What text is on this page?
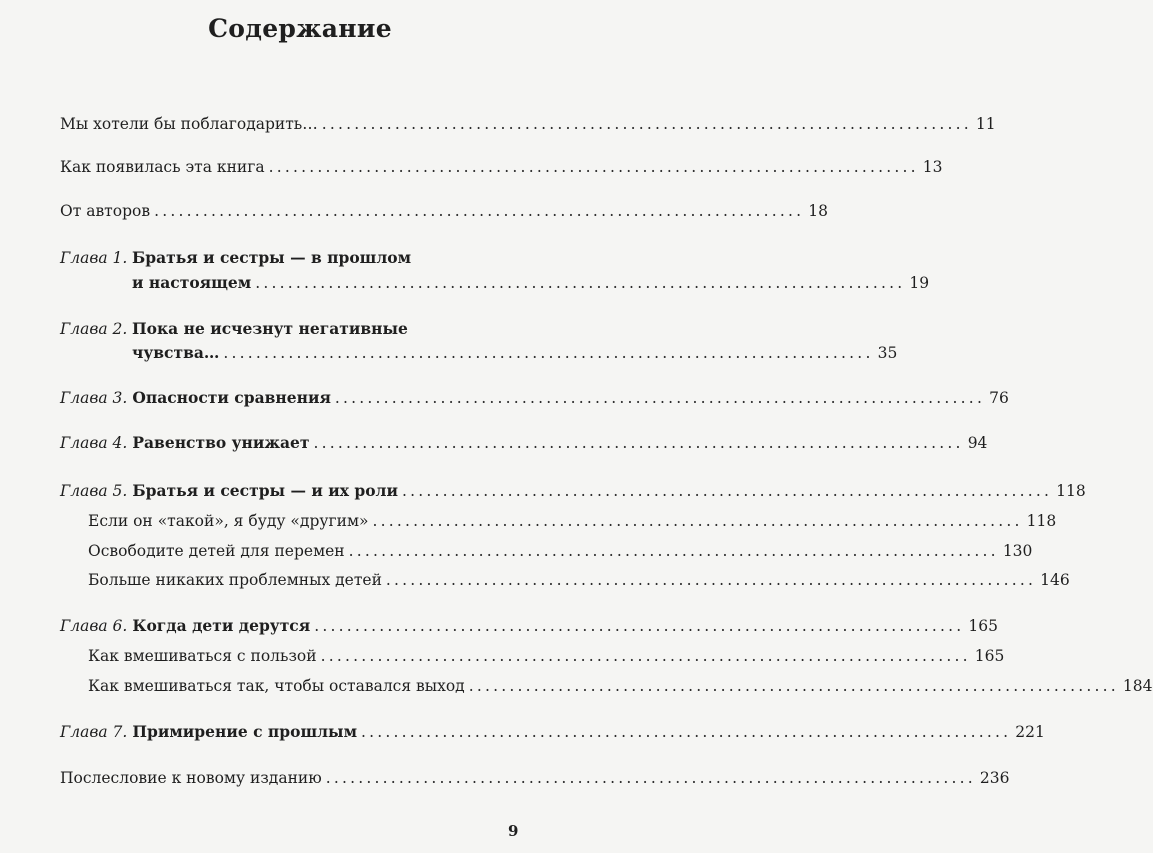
Содержание
Мы хотели бы поблагодарить… ................................................................................ 11
Как появилась эта книга ................................................................................ 13
От авторов ................................................................................ 18
Глава 1. Братья и сестры — в прошлом
и настоящем ................................................................................ 19
Глава 2. Пока не исчезнут негативные
чувства… ................................................................................ 35
Глава 3. Опасности сравнения ................................................................................ 76
Глава 4. Равенство унижает ................................................................................ 94
Глава 5. Братья и сестры — и их роли ................................................................................ 118
Если он «такой», я буду «другим» ................................................................................ 118
Освободите детей для перемен ................................................................................ 130
Больше никаких проблемных детей ................................................................................ 146
Глава 6. Когда дети дерутся ................................................................................ 165
Как вмешиваться с пользой ................................................................................ 165
Как вмешиваться так, чтобы оставался выход ................................................................................ 184
Глава 7. Примирение с прошлым ................................................................................ 221
Послесловие к новому изданию ................................................................................ 236
9
